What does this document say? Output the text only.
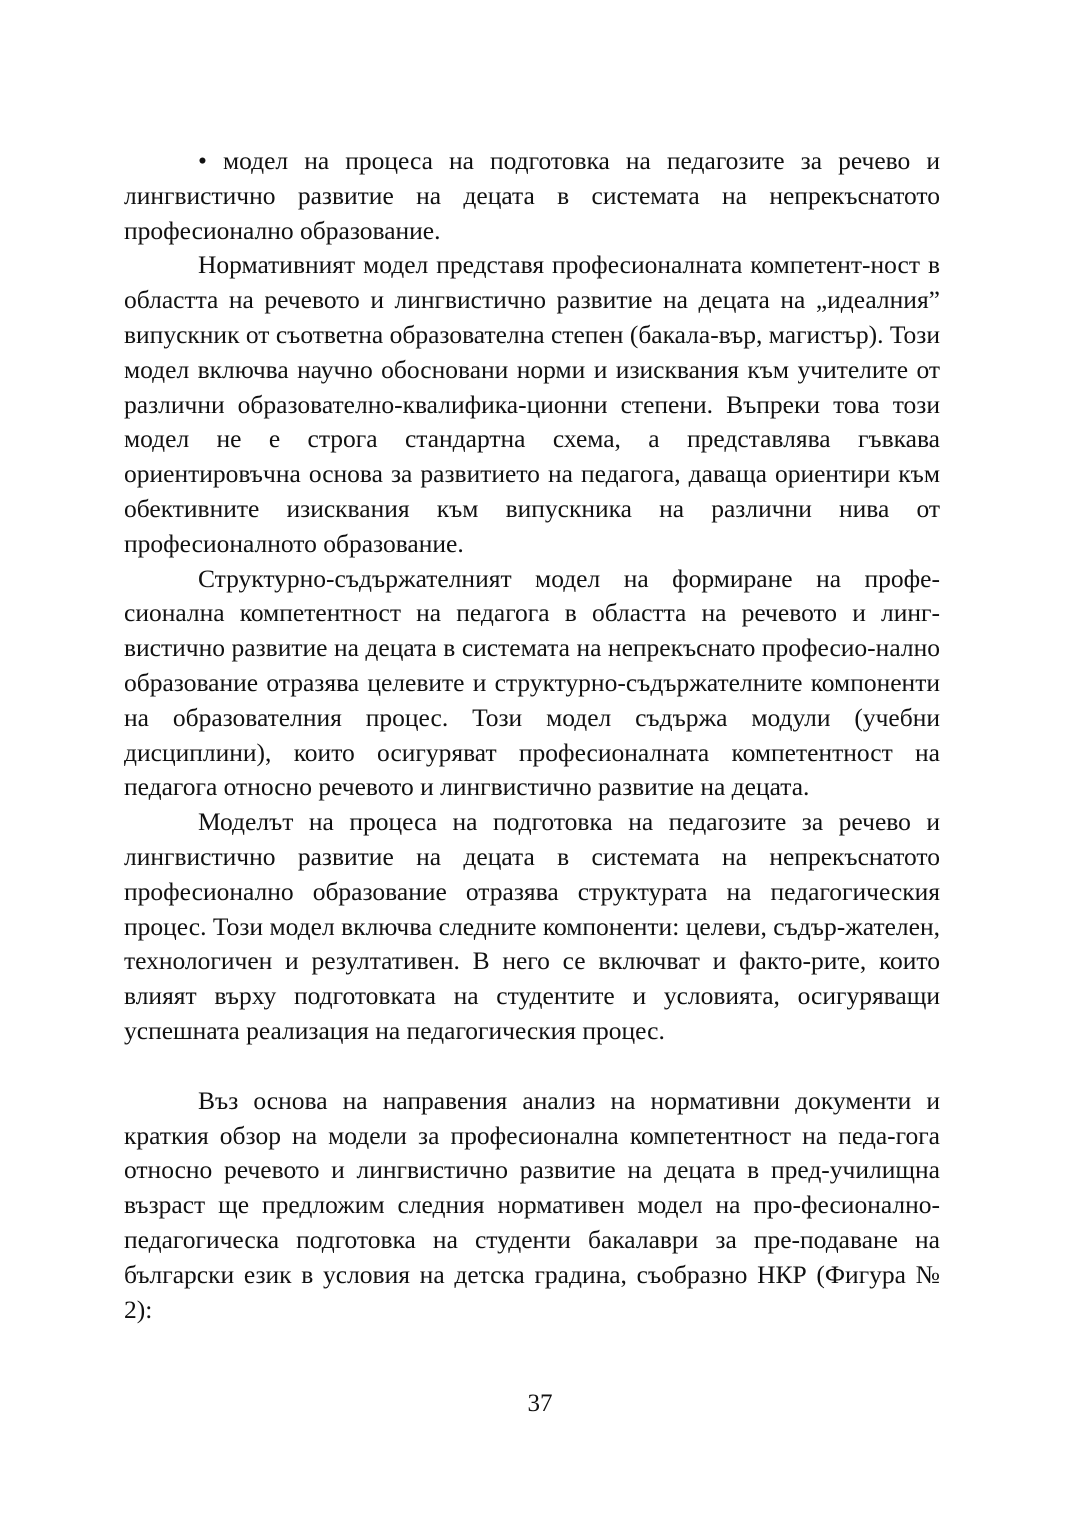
• модел на процеса на подготовка на педагозите за речево и лингвистично развитие на децата в системата на непрекъснатото професионално образование.

Нормативният модел представя професионалната компетент-ност в областта на речевото и лингвистично развитие на децата на „идеалния” випускник от съответна образователна степен (бакала-вър, магистър). Този модел включва научно обосновани норми и изисквания към учителите от различни образователно-квалифика-ционни степени. Въпреки това този модел не е строга стандартна схема, а представлява гъвкава ориентировъчна основа за развитието на педагога, даваща ориентири към обективните изисквания към випускника на различни нива от професионалното образование.

Структурно-съдържателният модел на формиране на профе-сионална компетентност на педагога в областта на речевото и линг-вистично развитие на децата в системата на непрекъснато професио-нално образование отразява целевите и структурно-съдържателните компоненти на образователния процес. Този модел съдържа модули (учебни дисциплини), които осигуряват професионалната компетентност на педагога относно речевото и лингвистично развитие на децата.

Моделът на процеса на подготовка на педагозите за речево и лингвистично развитие на децата в системата на непрекъснатото професионално образование отразява структурата на педагогическия процес. Този модел включва следните компоненти: целеви, съдър-жателен, технологичен и резултативен. В него се включват и факто-рите, които влияят върху подготовката на студентите и условията, осигуряващи успешната реализация на педагогическия процес.

Въз основа на направения анализ на нормативни документи и краткия обзор на модели за професионална компетентност на педа-гога относно речевото и лингвистично развитие на децата в пред-училищна възраст ще предложим следния нормативен модел на про-фесионално-педагогическа подготовка на студенти бакалаври за пре-подаване на български език в условия на детска градина, съобразно НКР (Фигура № 2):

37
